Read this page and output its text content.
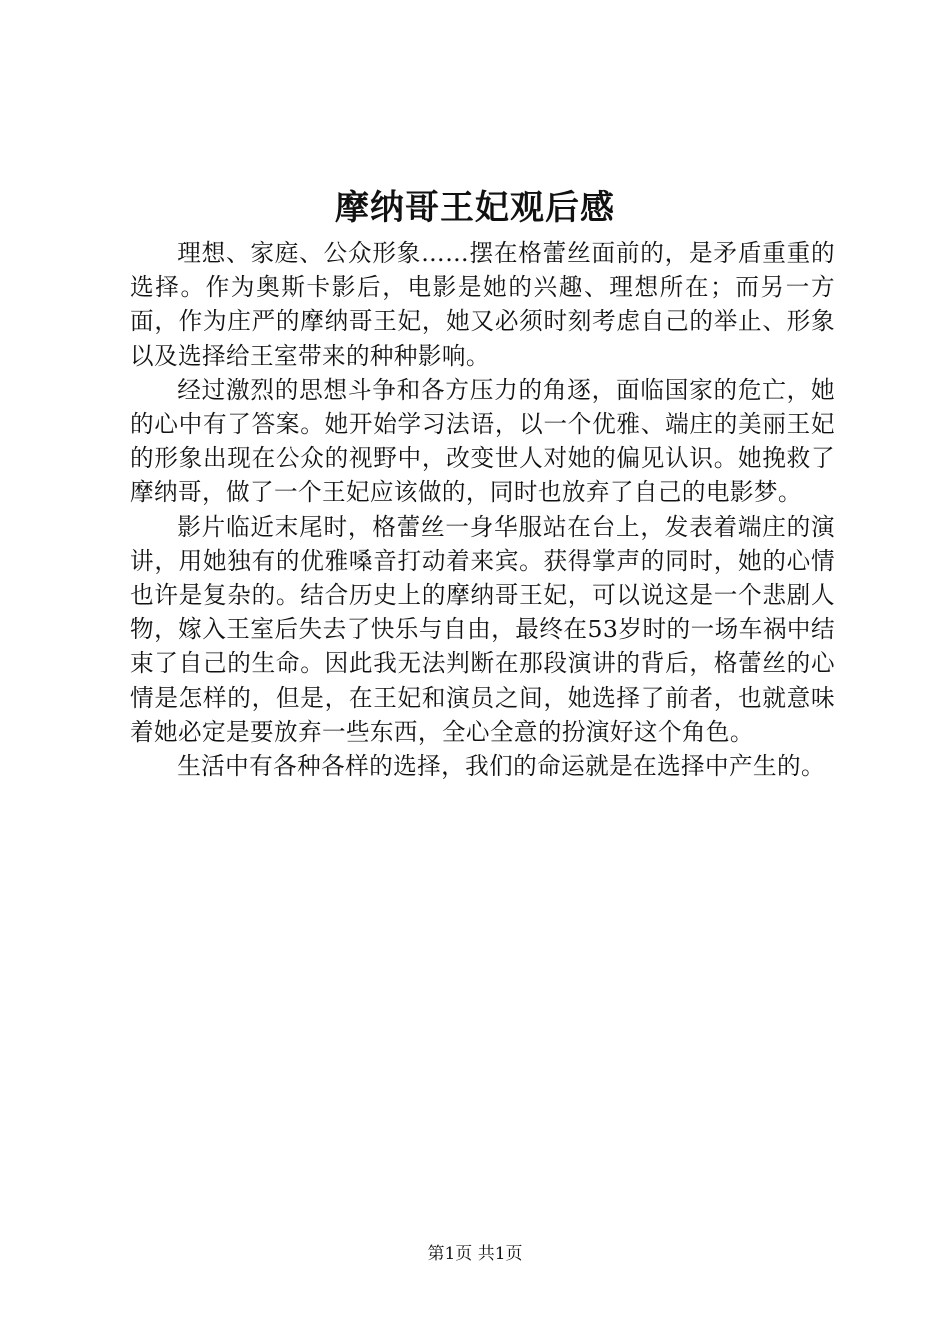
摩纳哥王妃观后感

理想、家庭、公众形象……摆在格蕾丝面前的，是矛盾重重的选择。作为奥斯卡影后，电影是她的兴趣、理想所在；而另一方面，作为庄严的摩纳哥王妃，她又必须时刻考虑自己的举止、形象以及选择给王室带来的种种影响。

经过激烈的思想斗争和各方压力的角逐，面临国家的危亡，她的心中有了答案。她开始学习法语，以一个优雅、端庄的美丽王妃的形象出现在公众的视野中，改变世人对她的偏见认识。她挽救了摩纳哥，做了一个王妃应该做的，同时也放弃了自己的电影梦。

影片临近末尾时，格蕾丝一身华服站在台上，发表着端庄的演讲，用她独有的优雅嗓音打动着来宾。获得掌声的同时，她的心情也许是复杂的。结合历史上的摩纳哥王妃，可以说这是一个悲剧人物，嫁入王室后失去了快乐与自由，最终在53岁时的一场车祸中结束了自己的生命。因此我无法判断在那段演讲的背后，格蕾丝的心情是怎样的，但是，在王妃和演员之间，她选择了前者，也就意味着她必定是要放弃一些东西，全心全意的扮演好这个角色。

生活中有各种各样的选择，我们的命运就是在选择中产生的。

第1页 共1页
